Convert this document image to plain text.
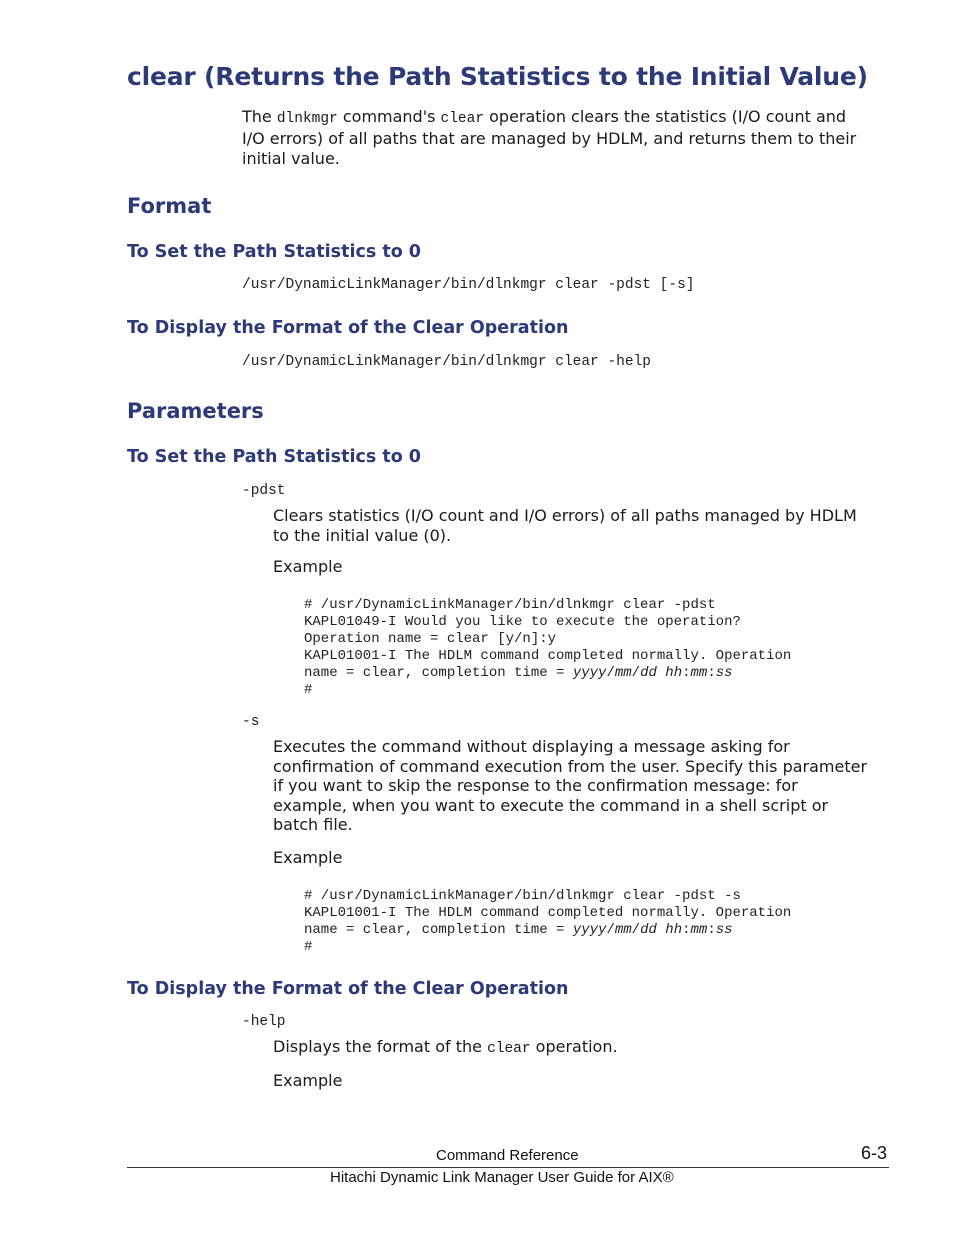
clear (Returns the Path Statistics to the Initial Value)
The dlnkmgr command's clear operation clears the statistics (I/O count and
I/O errors) of all paths that are managed by HDLM, and returns them to their
initial value.
Format
To Set the Path Statistics to 0
/usr/DynamicLinkManager/bin/dlnkmgr clear -pdst [-s]
To Display the Format of the Clear Operation
/usr/DynamicLinkManager/bin/dlnkmgr clear -help
Parameters
To Set the Path Statistics to 0
-pdst
Clears statistics (I/O count and I/O errors) of all paths managed by HDLM
to the initial value (0).
Example
# /usr/DynamicLinkManager/bin/dlnkmgr clear -pdst
KAPL01049-I Would you like to execute the operation?
Operation name = clear [y/n]:y
KAPL01001-I The HDLM command completed normally. Operation
name = clear, completion time = yyyy/mm/dd hh:mm:ss
#
-s
Executes the command without displaying a message asking for
confirmation of command execution from the user. Specify this parameter
if you want to skip the response to the confirmation message: for
example, when you want to execute the command in a shell script or
batch file.
Example
# /usr/DynamicLinkManager/bin/dlnkmgr clear -pdst -s
KAPL01001-I The HDLM command completed normally. Operation
name = clear, completion time = yyyy/mm/dd hh:mm:ss
#
To Display the Format of the Clear Operation
-help
Displays the format of the clear operation.
Example
Command Reference	6-3
Hitachi Dynamic Link Manager User Guide for AIX®
